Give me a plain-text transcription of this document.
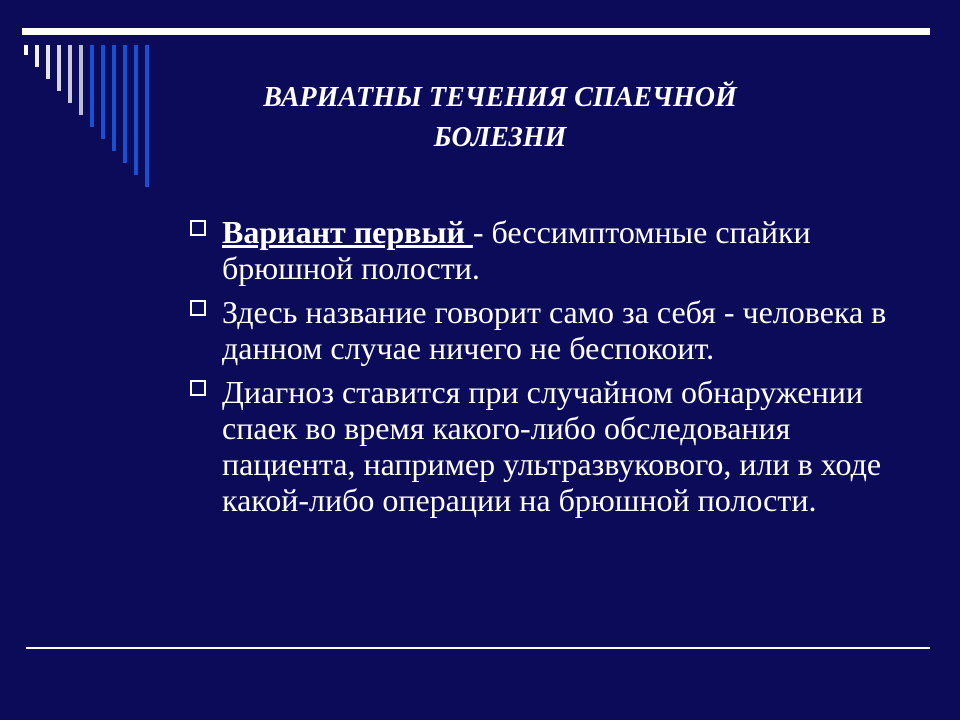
ВАРИАТНЫ ТЕЧЕНИЯ СПАЕЧНОЙ
БОЛЕЗНИ
Вариант первый - бессимптомные спайки брюшной полости.
Здесь название говорит само за себя - человека в данном случае ничего не беспокоит.
Диагноз ставится при случайном обнаружении спаек во время какого-либо обследования пациента, например ультразвукового, или в ходе какой-либо операции на брюшной полости.
